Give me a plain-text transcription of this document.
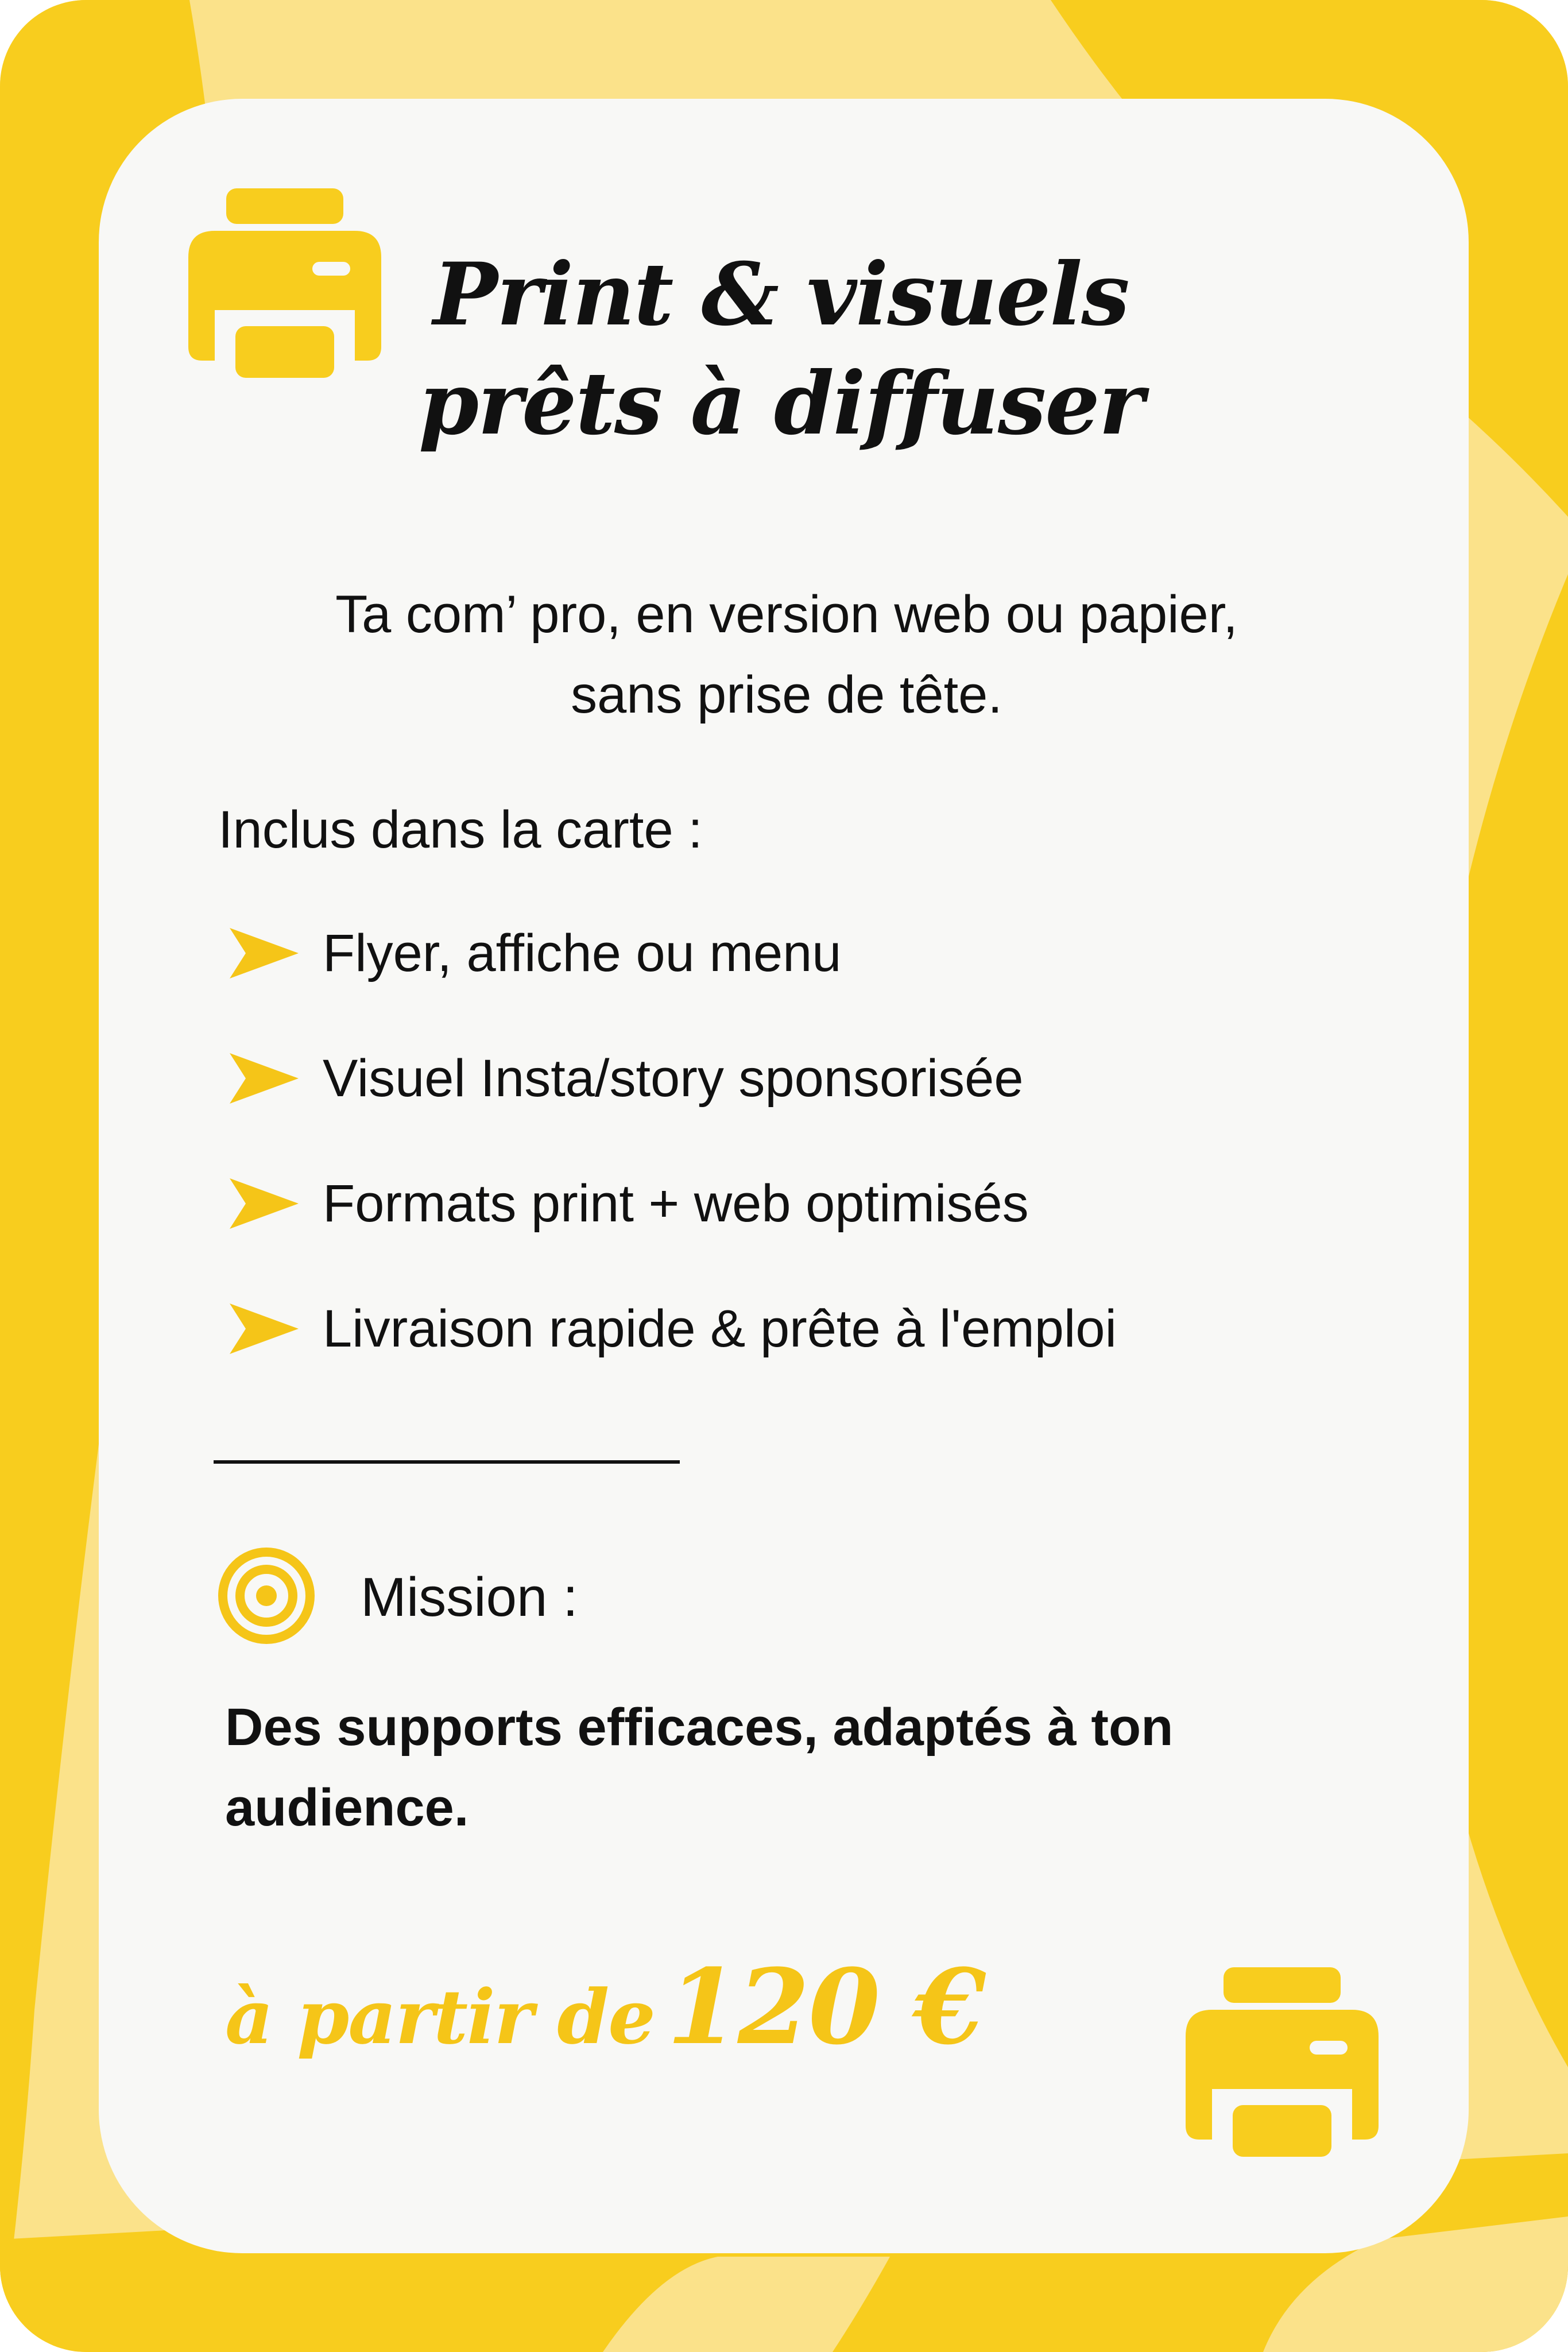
Print & visuels
prêts à diffuser
Ta com’ pro, en version web ou papier,
sans prise de tête.
Inclus dans la carte :
Flyer, affiche ou menu
Visuel Insta/story sponsorisée
Formats print + web optimisés
Livraison rapide & prête à l'emploi
Mission :
Des supports efficaces, adaptés à ton audience.
à partir de 120 €
